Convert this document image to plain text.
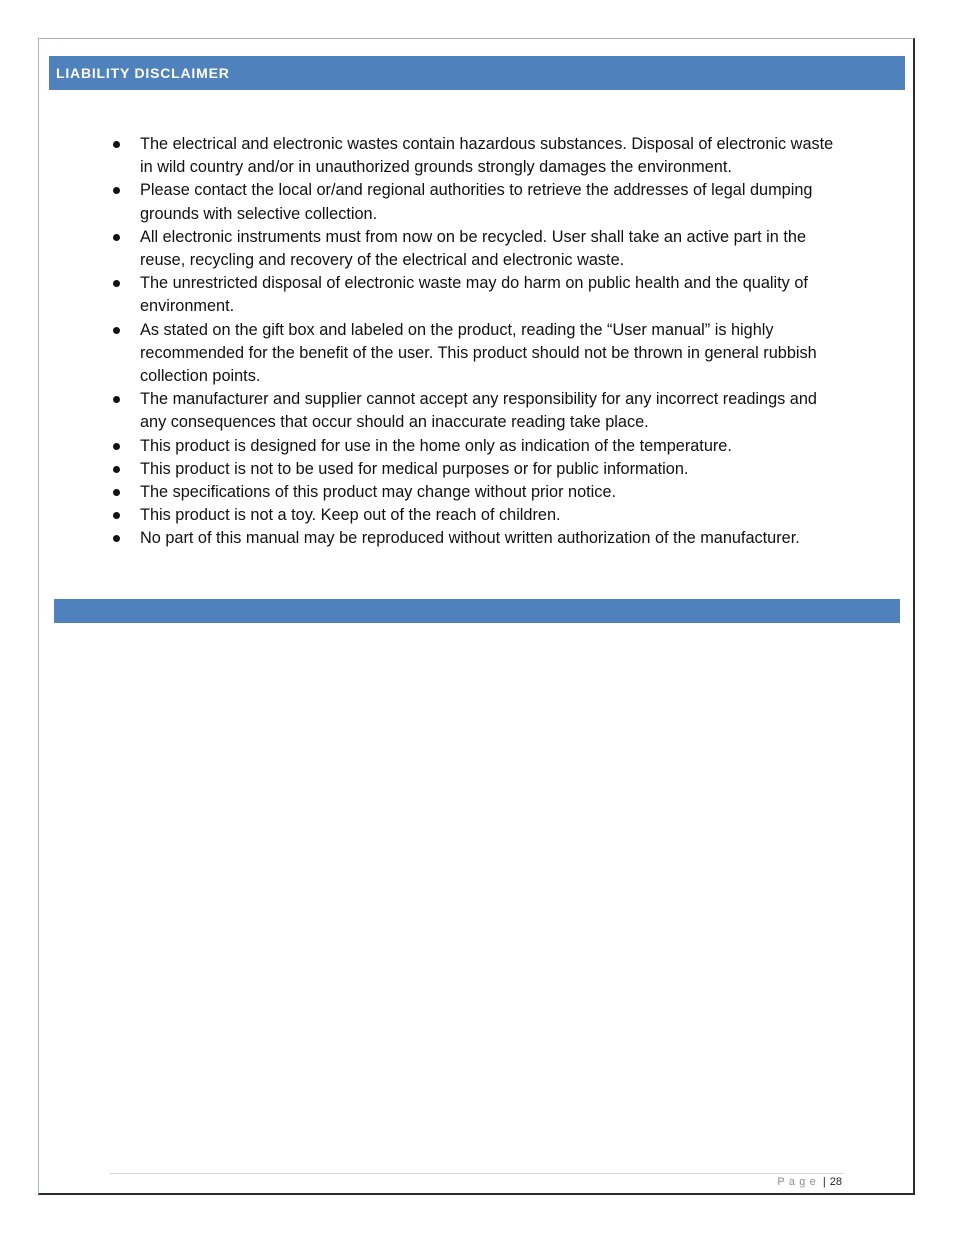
LIABILITY DISCLAIMER
The electrical and electronic wastes contain hazardous substances. Disposal of electronic waste in wild country and/or in unauthorized grounds strongly damages the environment.
Please contact the local or/and regional authorities to retrieve the addresses of legal dumping grounds with selective collection.
All electronic instruments must from now on be recycled. User shall take an active part in the reuse, recycling and recovery of the electrical and electronic waste.
The unrestricted disposal of electronic waste may do harm on public health and the quality of environment.
As stated on the gift box and labeled on the product, reading the “User manual” is highly recommended for the benefit of the user. This product should not be thrown in general rubbish collection points.
The manufacturer and supplier cannot accept any responsibility for any incorrect readings and any consequences that occur should an inaccurate reading take place.
This product is designed for use in the home only as indication of the temperature.
This product is not to be used for medical purposes or for public information.
The specifications of this product may change without prior notice.
This product is not a toy. Keep out of the reach of children.
No part of this manual may be reproduced without written authorization of the manufacturer.
Page | 28
